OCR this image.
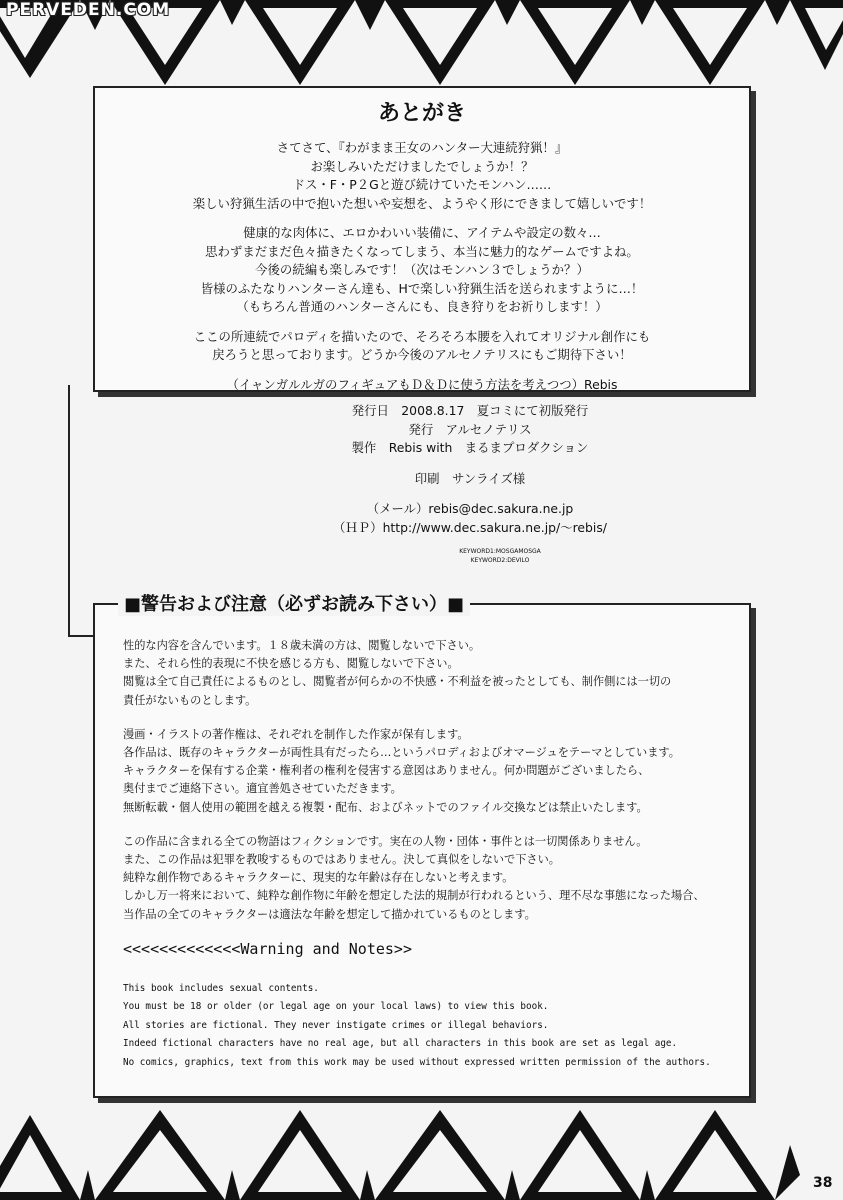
PERVEDEN.COM
あとがき

さてさて、『わがまま王女のハンター大連続狩猟！』
お楽しみいただけましたでしょうか！？
ドス・F・P２Gと遊び続けていたモンハン……
楽しい狩猟生活の中で抱いた想いや妄想を、ようやく形にできまして嬉しいです！

健康的な肉体に、エロかわいい装備に、アイテムや設定の数々…
思わずまだまだ色々描きたくなってしまう、本当に魅力的なゲームですよね。
今後の続編も楽しみです！（次はモンハン３でしょうか？）
皆様のふたなりハンターさん達も、Hで楽しい狩猟生活を送られますように…！
（もちろん普通のハンターさんにも、良き狩りをお祈りします！）

ここの所連続でパロディを描いたので、そろそろ本腰を入れてオリジナル創作にも
戻ろうと思っております。どうか今後のアルセノテリスにもご期待下さい！

（イャンガルルガのフィギュアもＤ＆Ｄに使う方法を考えつつ）Rebis

発行日　2008.8.17　夏コミにて初版発行
発行　アルセノテリス
製作　Rebis with　まるまプロダクション
印刷　サンライズ様
（メール）rebis@dec.sakura.ne.jp
（ＨＰ）http://www.dec.sakura.ne.jp/～rebis/
KEYWORD1:MOSGAMOSGA
KEYWORD2:DEVILO

性的な内容を含んでいます。１８歳未満の方は、閲覧しないで下さい。
また、それら性的表現に不快を感じる方も、閲覧しないで下さい。
閲覧は全て自己責任によるものとし、閲覧者が何らかの不快感・不利益を被ったとしても、制作側には一切の
責任がないものとします。

漫画・イラストの著作権は、それぞれを制作した作家が保有します。
各作品は、既存のキャラクターが両性具有だったら…というパロディおよびオマージュをテーマとしています。
キャラクターを保有する企業・権利者の権利を侵害する意図はありません。何か問題がございましたら、
奥付までご連絡下さい。適宜善処させていただきます。
無断転載・個人使用の範囲を越える複製・配布、およびネットでのファイル交換などは禁止いたします。

この作品に含まれる全ての物語はフィクションです。実在の人物・団体・事件とは一切関係ありません。
また、この作品は犯罪を教唆するものではありません。決して真似をしないで下さい。
純粋な創作物であるキャラクターに、現実的な年齢は存在しないと考えます。
しかし万一将来において、純粋な創作物に年齢を想定した法的規制が行われるという、理不尽な事態になった場合、
当作品の全てのキャラクターは適法な年齢を想定して描かれているものとします。

<<<<<<<<<<<<<Warning and Notes>>
This book includes sexual contents.
You must be 18 or older (or legal age on your local laws) to view this book.
All stories are fictional. They never instigate crimes or illegal behaviors.
Indeed fictional characters have no real age, but all characters in this book are set as legal age.
No comics, graphics, text from this work may be used without expressed written permission of the authors.
■警告および注意（必ずお読み下さい）■
38
